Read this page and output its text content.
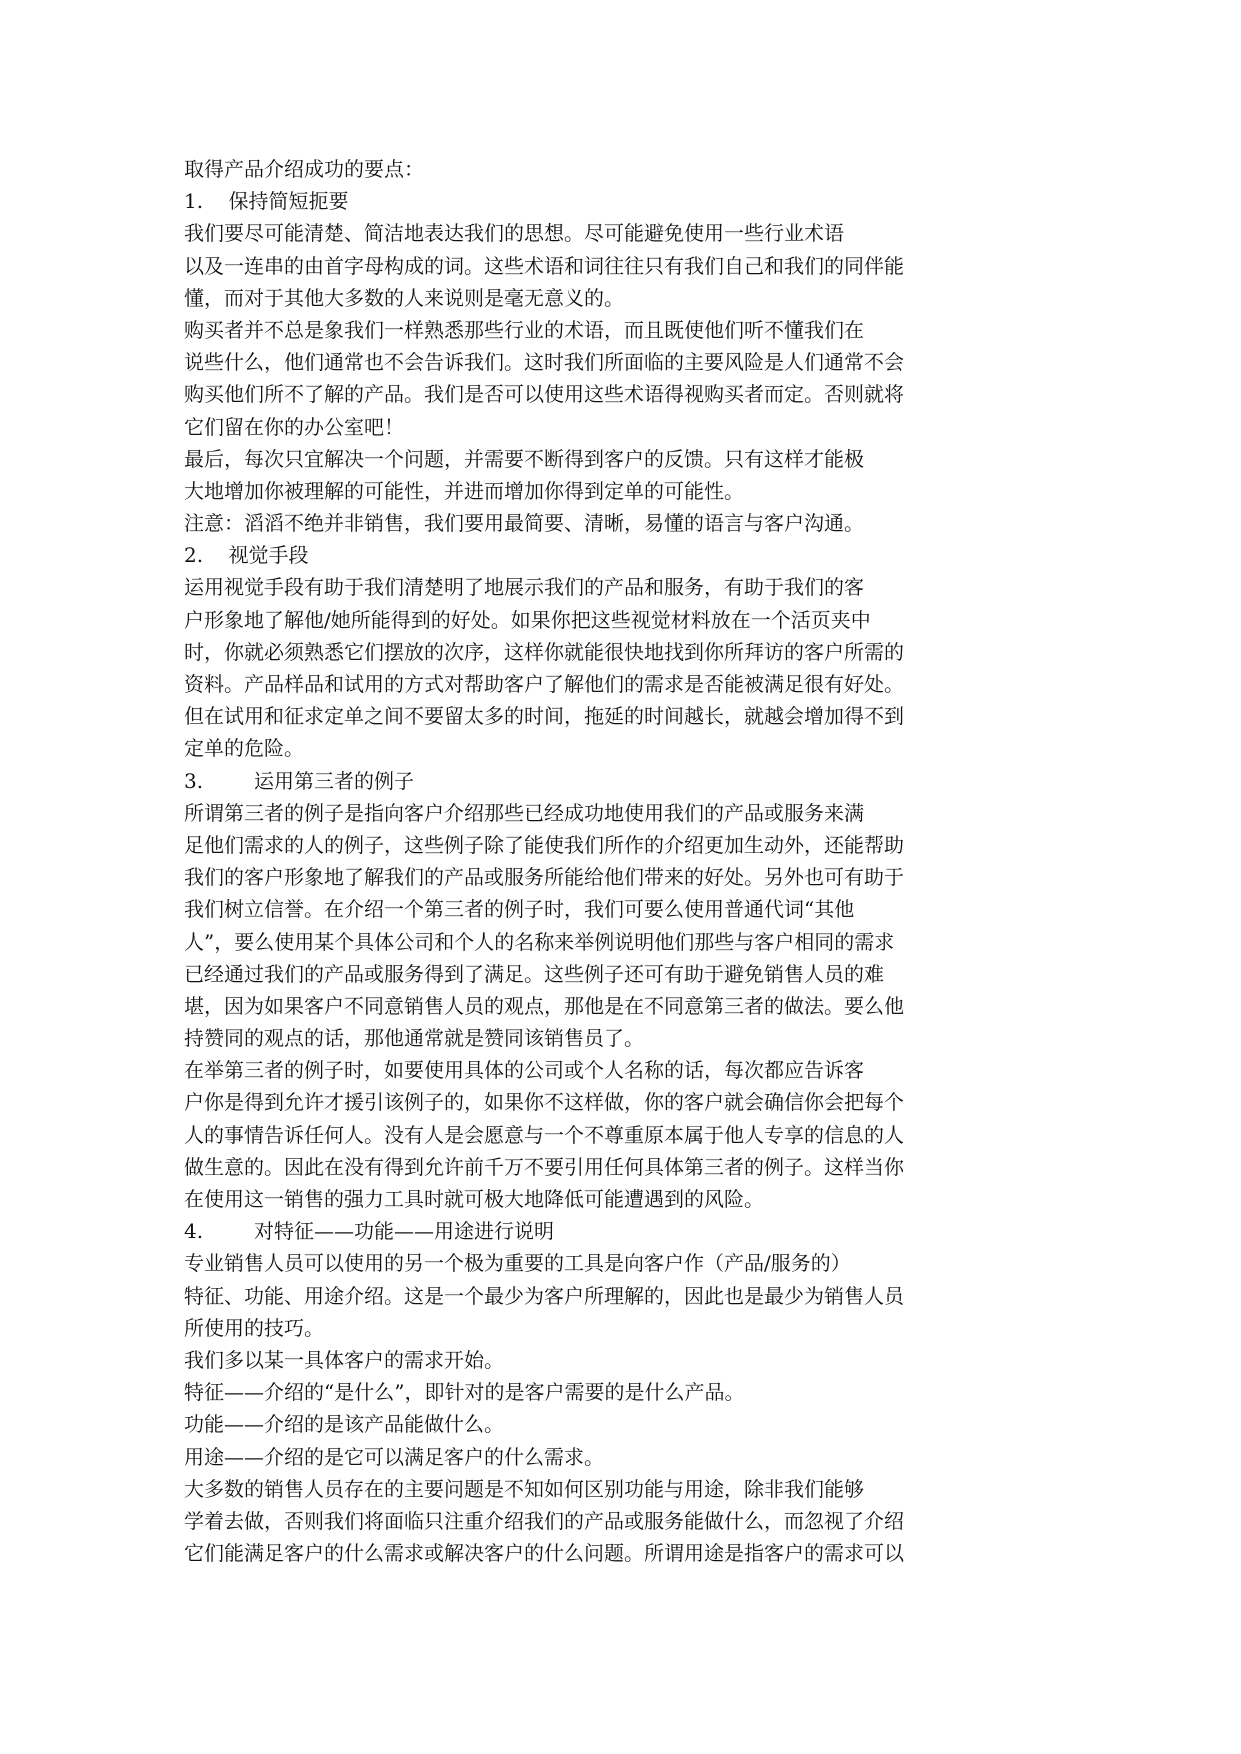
取得产品介绍成功的要点：
1.    保持简短扼要
我们要尽可能清楚、简洁地表达我们的思想。尽可能避免使用一些行业术语
以及一连串的由首字母构成的词。这些术语和词往往只有我们自己和我们的同伴能
懂，而对于其他大多数的人来说则是毫无意义的。
购买者并不总是象我们一样熟悉那些行业的术语，而且既使他们听不懂我们在
说些什么，他们通常也不会告诉我们。这时我们所面临的主要风险是人们通常不会
购买他们所不了解的产品。我们是否可以使用这些术语得视购买者而定。否则就将
它们留在你的办公室吧！
最后，每次只宜解决一个问题，并需要不断得到客户的反馈。只有这样才能极
大地增加你被理解的可能性，并进而增加你得到定单的可能性。
注意：滔滔不绝并非销售，我们要用最简要、清晰，易懂的语言与客户沟通。
2.    视觉手段
运用视觉手段有助于我们清楚明了地展示我们的产品和服务，有助于我们的客
户形象地了解他/她所能得到的好处。如果你把这些视觉材料放在一个活页夹中
时，你就必须熟悉它们摆放的次序，这样你就能很快地找到你所拜访的客户所需的
资料。产品样品和试用的方式对帮助客户了解他们的需求是否能被满足很有好处。
但在试用和征求定单之间不要留太多的时间，拖延的时间越长，就越会增加得不到
定单的危险。
3.        运用第三者的例子
所谓第三者的例子是指向客户介绍那些已经成功地使用我们的产品或服务来满
足他们需求的人的例子，这些例子除了能使我们所作的介绍更加生动外，还能帮助
我们的客户形象地了解我们的产品或服务所能给他们带来的好处。另外也可有助于
我们树立信誉。在介绍一个第三者的例子时，我们可要么使用普通代词“其他
人”，要么使用某个具体公司和个人的名称来举例说明他们那些与客户相同的需求
已经通过我们的产品或服务得到了满足。这些例子还可有助于避免销售人员的难
堪，因为如果客户不同意销售人员的观点，那他是在不同意第三者的做法。要么他
持赞同的观点的话，那他通常就是赞同该销售员了。
在举第三者的例子时，如要使用具体的公司或个人名称的话，每次都应告诉客
户你是得到允许才援引该例子的，如果你不这样做，你的客户就会确信你会把每个
人的事情告诉任何人。没有人是会愿意与一个不尊重原本属于他人专享的信息的人
做生意的。因此在没有得到允许前千万不要引用任何具体第三者的例子。这样当你
在使用这一销售的强力工具时就可极大地降低可能遭遇到的风险。
4.        对特征——功能——用途进行说明
专业销售人员可以使用的另一个极为重要的工具是向客户作（产品/服务的）
特征、功能、用途介绍。这是一个最少为客户所理解的，因此也是最少为销售人员
所使用的技巧。
我们多以某一具体客户的需求开始。
特征——介绍的“是什么”，即针对的是客户需要的是什么产品。
功能——介绍的是该产品能做什么。
用途——介绍的是它可以满足客户的什么需求。
大多数的销售人员存在的主要问题是不知如何区别功能与用途，除非我们能够
学着去做，否则我们将面临只注重介绍我们的产品或服务能做什么，而忽视了介绍
它们能满足客户的什么需求或解决客户的什么问题。所谓用途是指客户的需求可以
